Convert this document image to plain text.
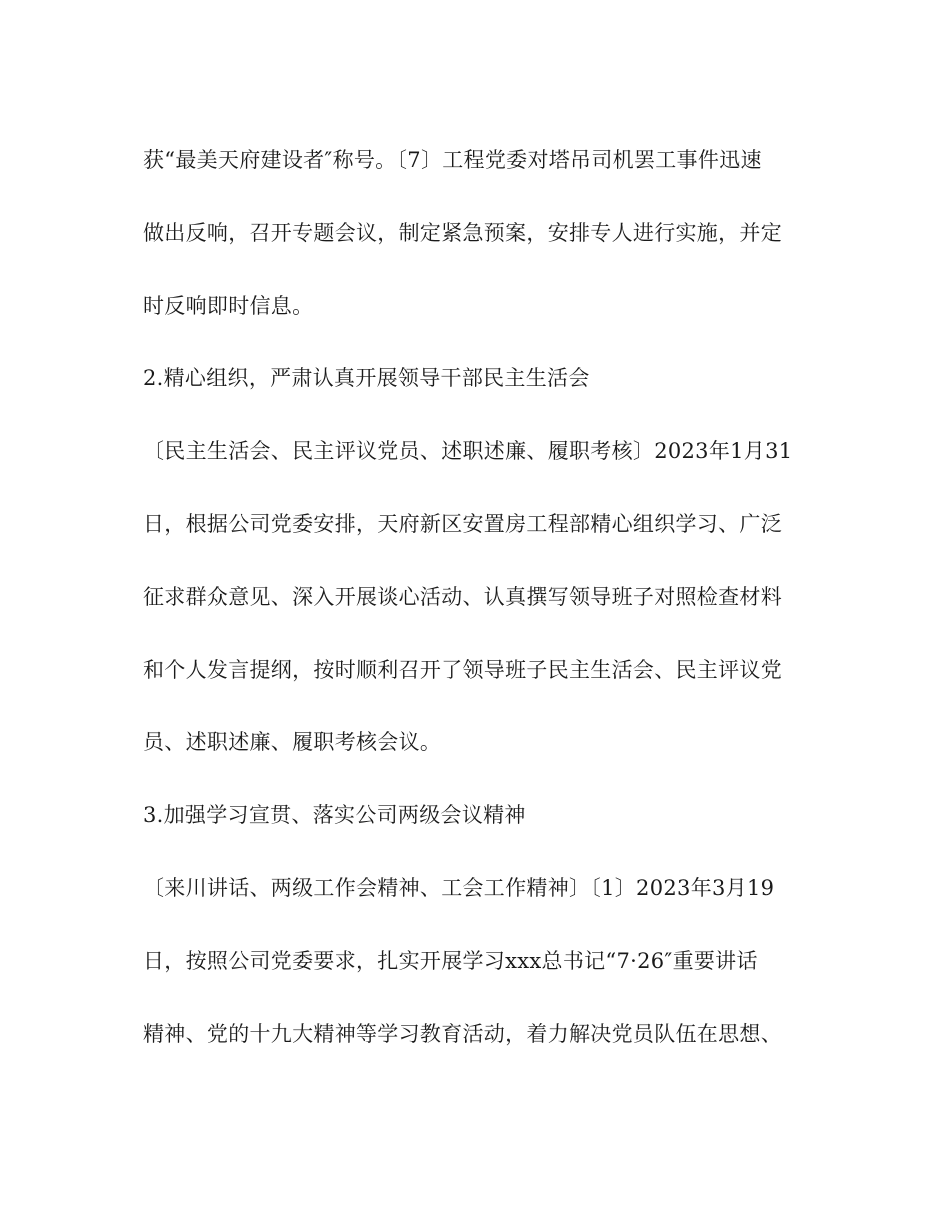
获“最美天府建设者″称号。〔7〕工程党委对塔吊司机罢工事件迅速
做出反响，召开专题会议，制定紧急预案，安排专人进行实施，并定
时反响即时信息。
2.精心组织，严肃认真开展领导干部民主生活会
〔民主生活会、民主评议党员、述职述廉、履职考核〕2023年1月31
日，根据公司党委安排，天府新区安置房工程部精心组织学习、广泛
征求群众意见、深入开展谈心活动、认真撰写领导班子对照检查材料
和个人发言提纲，按时顺利召开了领导班子民主生活会、民主评议党
员、述职述廉、履职考核会议。
3.加强学习宣贯、落实公司两级会议精神
〔来川讲话、两级工作会精神、工会工作精神〕〔1〕2023年3月19
日，按照公司党委要求，扎实开展学习xxx总书记“7·26″重要讲话
精神、党的十九大精神等学习教育活动，着力解决党员队伍在思想、
